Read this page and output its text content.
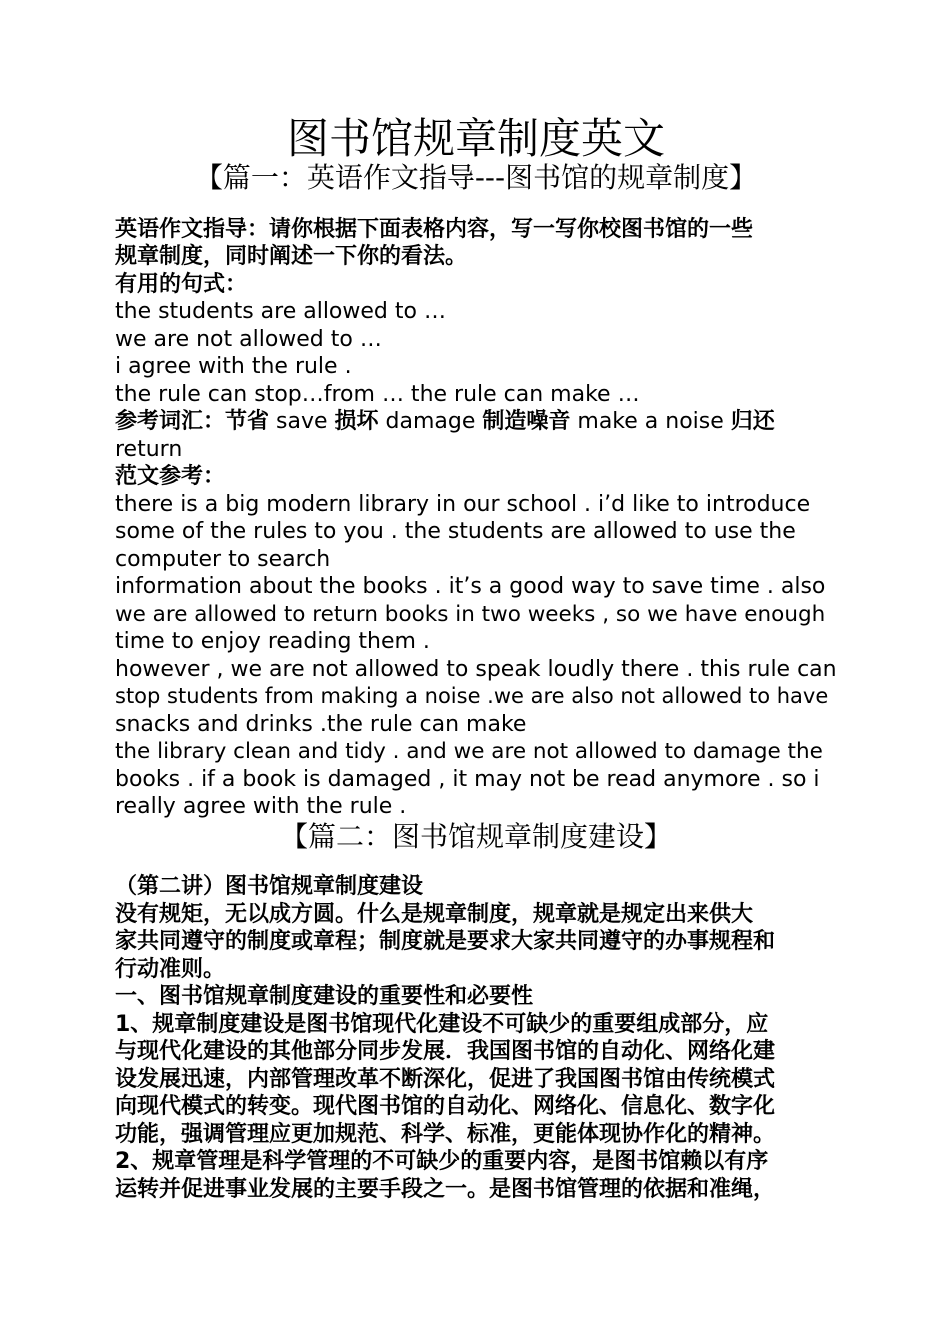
图书馆规章制度英文
【篇一：英语作文指导---图书馆的规章制度】
英语作文指导：请你根据下面表格内容，写一写你校图书馆的一些
规章制度，同时阐述一下你的看法。
有用的句式：
the students are allowed to …
we are not allowed to …
i agree with the rule .
the rule can stop…from … the rule can make …
参考词汇：节省 save 损坏 damage 制造噪音 make a noise 归还
return
范文参考：
there is a big modern library in our school . i’d like to introduce
some of the rules to you . the students are allowed to use the
computer to search
information about the books . it’s a good way to save time . also
we are allowed to return books in two weeks , so we have enough
time to enjoy reading them .
however , we are not allowed to speak loudly there . this rule can
stop students from making a noise .we are also not allowed to have
snacks and drinks .the rule can make
the library clean and tidy . and we are not allowed to damage the
books . if a book is damaged , it may not be read anymore . so i
really agree with the rule .
【篇二：图书馆规章制度建设】
（第二讲）图书馆规章制度建设
没有规矩，无以成方圆。什么是规章制度，规章就是规定出来供大
家共同遵守的制度或章程；制度就是要求大家共同遵守的办事规程和
行动准则。
一、图书馆规章制度建设的重要性和必要性
1、规章制度建设是图书馆现代化建设不可缺少的重要组成部分，应
与现代化建设的其他部分同步发展．我国图书馆的自动化、网络化建
设发展迅速，内部管理改革不断深化，促进了我国图书馆由传统模式
向现代模式的转变。现代图书馆的自动化、网络化、信息化、数字化
功能，强调管理应更加规范、科学、标准，更能体现协作化的精神。
2、规章管理是科学管理的不可缺少的重要内容，是图书馆赖以有序
运转并促进事业发展的主要手段之一。是图书馆管理的依据和准绳，
